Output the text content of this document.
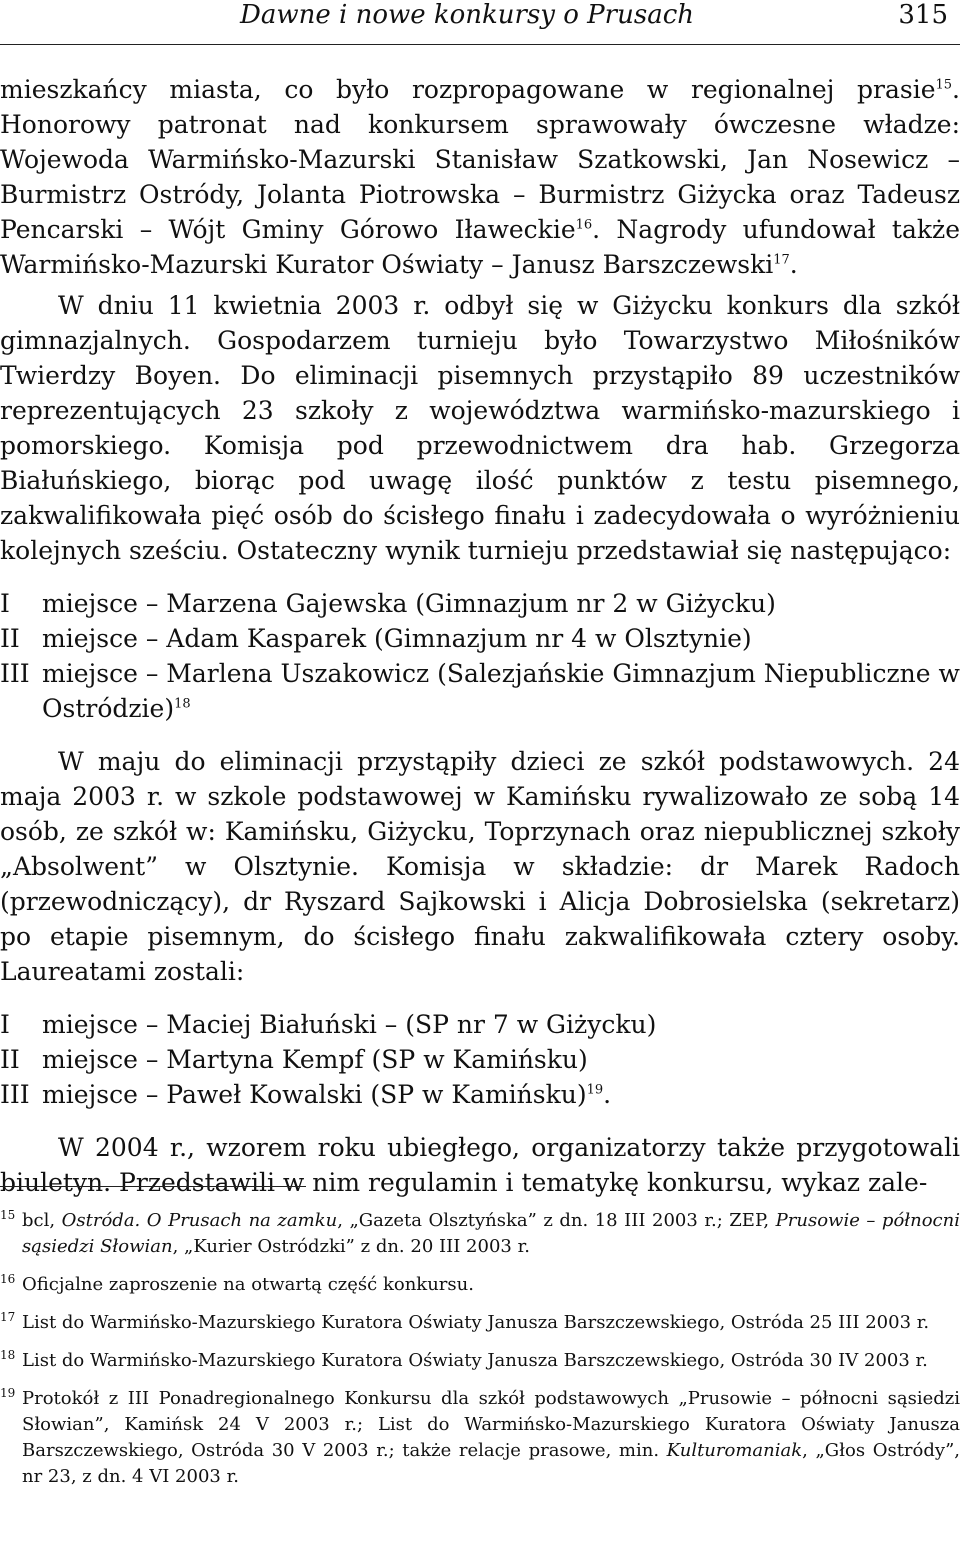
Dawne i nowe konkursy o Prusach	315

mieszkańcy miasta, co było rozpropagowane w regionalnej prasie$^{15}$. Honorowy patronat nad konkursem sprawowały ówczesne władze: Wojewoda Warmińsko-Mazurski Stanisław Szatkowski, Jan Nosewicz – Burmistrz Ostródy, Jolanta Piotrowska – Burmistrz Giżycka oraz Tadeusz Pencarski – Wójt Gminy Górowo Iławeckie$^{16}$. Nagrody ufundował także Warmińsko-Mazurski Kurator Oświaty – Janusz Barszczewski$^{17}$.

W dniu 11 kwietnia 2003 r. odbył się w Giżycku konkurs dla szkół gimnazjalnych. Gospodarzem turnieju było Towarzystwo Miłośników Twierdzy Boyen. Do eliminacji pisemnych przystąpiło 89 uczestników reprezentujących 23 szkoły z województwa warmińsko-mazurskiego i pomorskiego. Komisja pod przewodnictwem dra hab. Grzegorza Białuńskiego, biorąc pod uwagę ilość punktów z testu pisemnego, zakwalifikowała pięć osób do ścisłego finału i zadecydowała o wyróżnieniu kolejnych sześciu. Ostateczny wynik turnieju przedstawiał się następująco:

I	miejsce – Marzena Gajewska (Gimnazjum nr 2 w Giżycku)
II miejsce – Adam Kasparek (Gimnazjum nr 4 w Olsztynie)
III miejsce – Marlena Uszakowicz (Salezjańskie Gimnazjum Niepubliczne w Ostródzie)$^{18}$

W maju do eliminacji przystąpiły dzieci ze szkół podstawowych. 24 maja 2003 r. w szkole podstawowej w Kamińsku rywalizowało ze sobą 14 osób, ze szkół w: Kamińsku, Giżycku, Toprzynach oraz niepublicznej szkoły „Absolwent” w Olsztynie. Komisja w składzie: dr Marek Radoch (przewodniczący), dr Ryszard Sajkowski i Alicja Dobrosielska (sekretarz) po etapie pisemnym, do ścisłego finału zakwalifikowała cztery osoby. Laureatami zostali:

I	miejsce – Maciej Białuński – (SP nr 7 w Giżycku)
II miejsce – Martyna Kempf (SP w Kamińsku)
III miejsce – Paweł Kowalski (SP w Kamińsku)$^{19}$.

W 2004 r., wzorem roku ubiegłego, organizatorzy także przygotowali biuletyn. Przedstawili w nim regulamin i tematykę konkursu, wykaz zale-

15 bcl, Ostróda. O Prusach na zamku, „Gazeta Olsztyńska” z dn. 18 III 2003 r.; ZEP, Prusowie – północni sąsiedzi Słowian, „Kurier Ostródzki” z dn. 20 III 2003 r.
16 Oficjalne zaproszenie na otwartą część konkursu.
17 List do Warmińsko-Mazurskiego Kuratora Oświaty Janusza Barszczewskiego, Ostróda 25 III 2003 r.
18 List do Warmińsko-Mazurskiego Kuratora Oświaty Janusza Barszczewskiego, Ostróda 30 IV 2003 r.
19 Protokół z III Ponadregionalnego Konkursu dla szkół podstawowych „Prusowie – północni sąsiedzi Słowian”, Kamińsk 24 V 2003 r.; List do Warmińsko-Mazurskiego Kuratora Oświaty Janusza Barszczewskiego, Ostróda 30 V 2003 r.; także relacje prasowe, min. Kulturomaniak, „Głos Ostródy”, nr 23, z dn. 4 VI 2003 r.
